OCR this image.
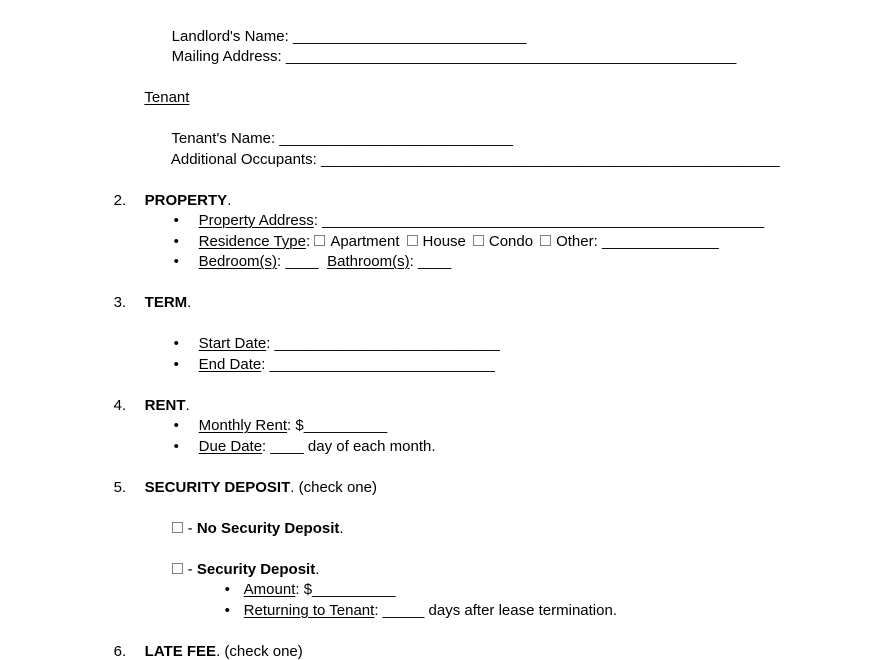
Landlord's Name: ____________________________

Mailing Address: ______________________________________________________

Tenant

Tenant's Name: ____________________________

Additional Occupants: _______________________________________________________

2. PROPERTY.

• Property Address: _____________________________________________________

• Residence Type: Apartment House Condo Other: ______________

• Bedroom(s): ____  Bathroom(s): ____

3. TERM.

• Start Date: ___________________________

• End Date: ___________________________

4. RENT.

• Monthly Rent: $__________

• Due Date: ____ day of each month.

5. SECURITY DEPOSIT. (check one)

- No Security Deposit.

- Security Deposit.

• Amount: $__________

• Returning to Tenant: _____ days after lease termination.

6. LATE FEE. (check one)
